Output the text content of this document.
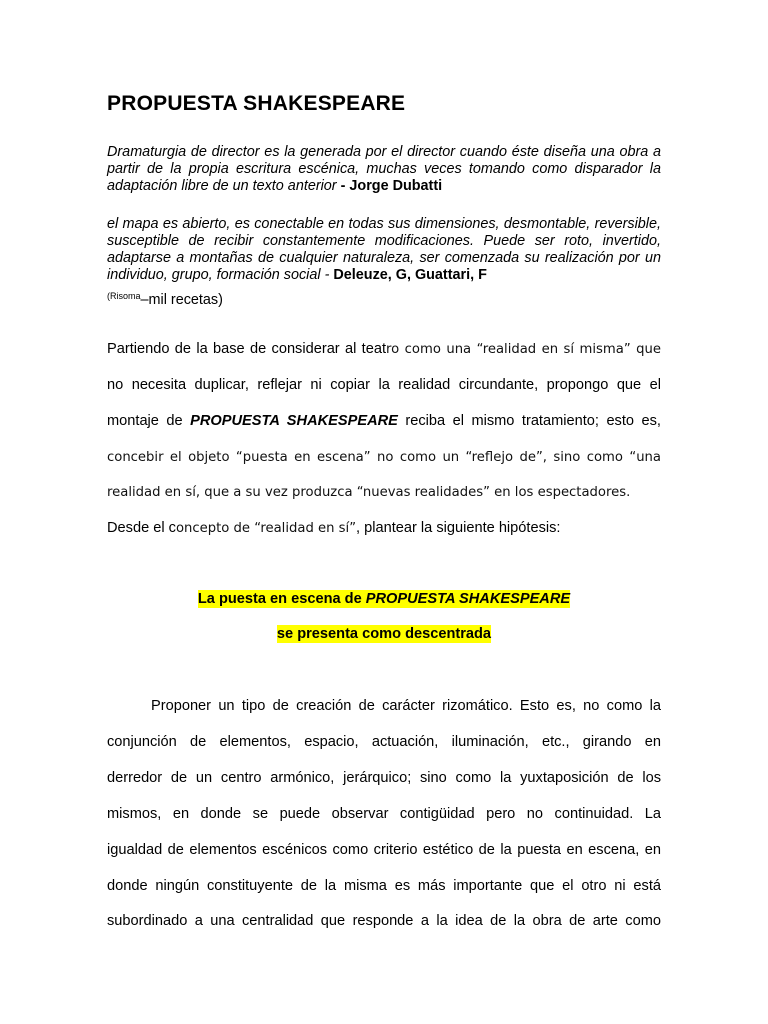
PROPUESTA SHAKESPEARE
Dramaturgia de director es la generada por el director cuando éste diseña una obra a partir de la propia escritura escénica, muchas veces tomando como disparador la adaptación libre de un texto anterior - Jorge Dubatti
el mapa es abierto, es conectable en todas sus dimensiones, desmontable, reversible, susceptible de recibir constantemente modificaciones. Puede ser roto, invertido, adaptarse a montañas de cualquier naturaleza, ser comenzada su realización por un individuo, grupo, formación social - Deleuze, G, Guattari, F
$^{(Risoma}$–mil recetas)
Partiendo de la base de considerar al teatro como una “realidad en sí misma” que
no necesita duplicar, reflejar ni copiar la realidad circundante, propongo que el
montaje de PROPUESTA SHAKESPEARE reciba el mismo tratamiento; esto es,
concebir el objeto “puesta en escena” no como un “reflejo de”, sino como “una
realidad en sí, que a su vez produzca “nuevas realidades” en los espectadores.
Desde el concepto de “realidad en sí”, plantear la siguiente hipótesis:
La puesta en escena de PROPUESTA SHAKESPEARE
se presenta como descentrada
Proponer un tipo de creación de carácter rizomático. Esto es, no como la
conjunción de elementos, espacio, actuación, iluminación, etc., girando en
derredor de un centro armónico, jerárquico; sino como la yuxtaposición de los
mismos, en donde se puede observar contigüidad pero no continuidad. La
igualdad de elementos escénicos como criterio estético de la puesta en escena, en
donde ningún constituyente de la misma es más importante que el otro ni está
subordinado a una centralidad que responde a la idea de la obra de arte como
